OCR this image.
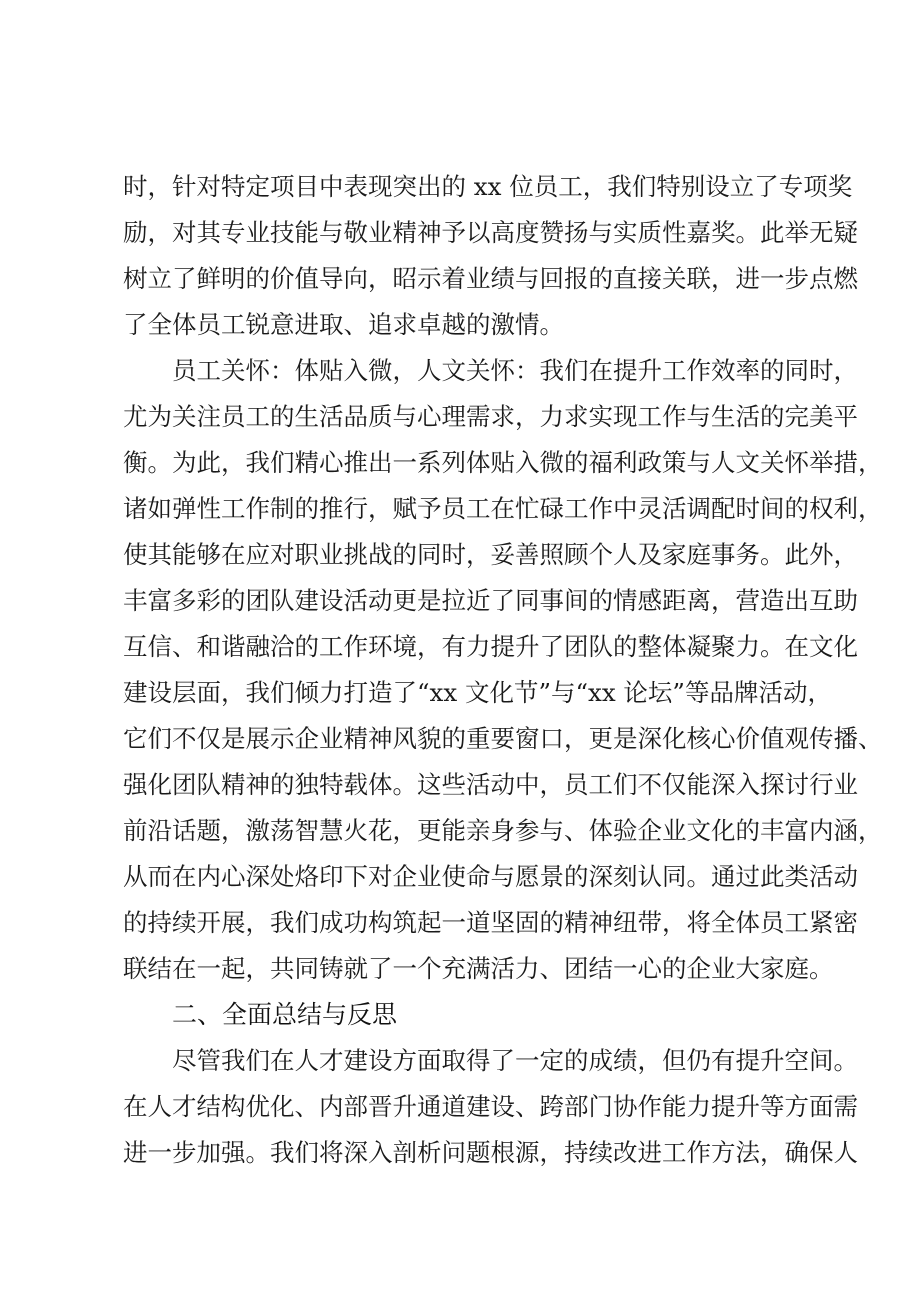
时，针对特定项目中表现突出的 xx 位员工，我们特别设立了专项奖
励，对其专业技能与敬业精神予以高度赞扬与实质性嘉奖。此举无疑
树立了鲜明的价值导向，昭示着业绩与回报的直接关联，进一步点燃
了全体员工锐意进取、追求卓越的激情。
员工关怀：体贴入微，人文关怀：我们在提升工作效率的同时，
尤为关注员工的生活品质与心理需求，力求实现工作与生活的完美平
衡。为此，我们精心推出一系列体贴入微的福利政策与人文关怀举措，
诸如弹性工作制的推行，赋予员工在忙碌工作中灵活调配时间的权利，
使其能够在应对职业挑战的同时，妥善照顾个人及家庭事务。此外，
丰富多彩的团队建设活动更是拉近了同事间的情感距离，营造出互助
互信、和谐融洽的工作环境，有力提升了团队的整体凝聚力。在文化
建设层面，我们倾力打造了“xx 文化节”与“xx 论坛”等品牌活动，
它们不仅是展示企业精神风貌的重要窗口，更是深化核心价值观传播、
强化团队精神的独特载体。这些活动中，员工们不仅能深入探讨行业
前沿话题，激荡智慧火花，更能亲身参与、体验企业文化的丰富内涵，
从而在内心深处烙印下对企业使命与愿景的深刻认同。通过此类活动
的持续开展，我们成功构筑起一道坚固的精神纽带，将全体员工紧密
联结在一起，共同铸就了一个充满活力、团结一心的企业大家庭。
二、全面总结与反思
尽管我们在人才建设方面取得了一定的成绩，但仍有提升空间。
在人才结构优化、内部晋升通道建设、跨部门协作能力提升等方面需
进一步加强。我们将深入剖析问题根源，持续改进工作方法，确保人
